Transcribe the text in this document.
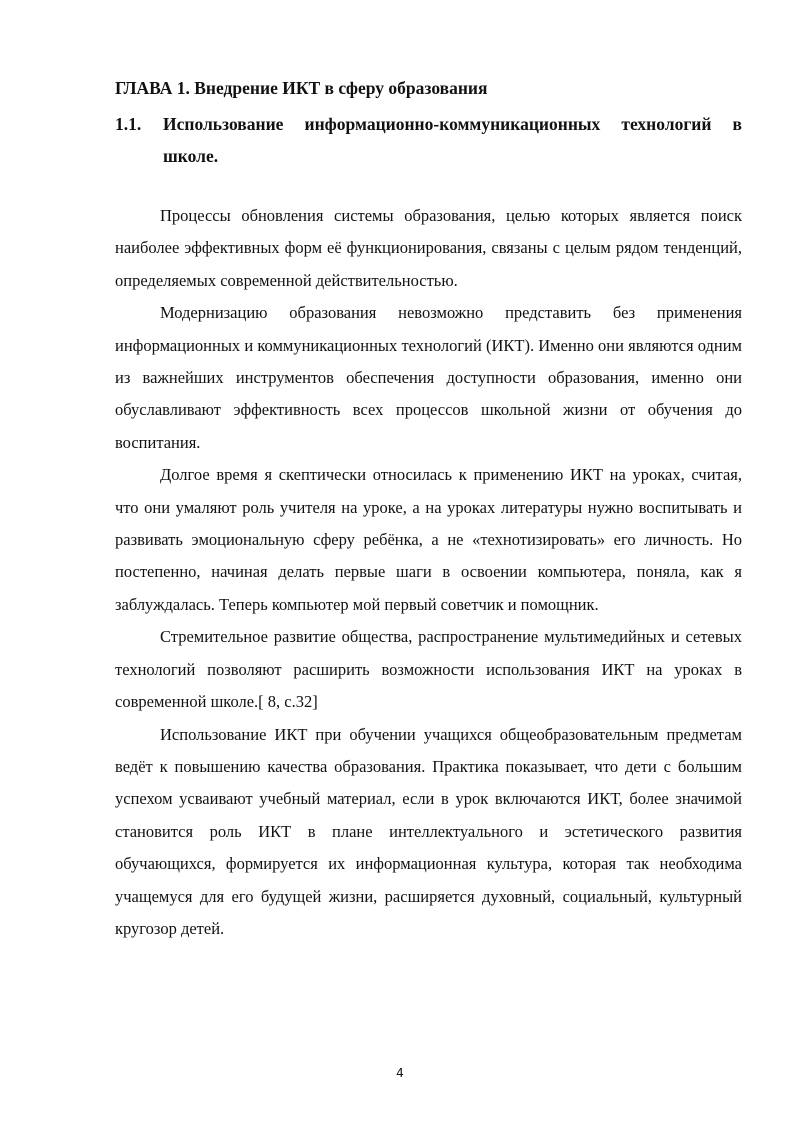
ГЛАВА 1. Внедрение ИКТ в сферу образования
1.1. Использование информационно-коммуникационных технологий в школе.

Процессы обновления системы образования, целью которых является поиск наиболее эффективных форм её функционирования, связаны с целым рядом тенденций, определяемых современной действительностью.

Модернизацию образования невозможно представить без применения информационных и коммуникационных технологий (ИКТ). Именно они являются одним из важнейших инструментов обеспечения доступности образования, именно они обуславливают эффективность всех процессов школьной жизни от обучения до воспитания.

Долгое время я скептически относилась к применению ИКТ на уроках, считая, что они умаляют роль учителя на уроке, а на уроках литературы нужно воспитывать и развивать эмоциональную сферу ребёнка, а не «технотизировать» его личность. Но постепенно, начиная делать первые шаги в освоении компьютера, поняла, как я заблуждалась. Теперь компьютер мой первый советчик и помощник.

Стремительное развитие общества, распространение мультимедийных и сетевых технологий позволяют расширить возможности использования ИКТ на уроках в современной школе.[ 8, с.32]

Использование ИКТ при обучении учащихся общеобразовательным предметам ведёт к повышению качества образования. Практика показывает, что дети с большим успехом усваивают учебный материал, если в урок включаются ИКТ, более значимой становится роль ИКТ в плане интеллектуального и эстетического развития обучающихся, формируется их информационная культура, которая так необходима учащемуся для его будущей жизни, расширяется духовный, социальный, культурный кругозор детей.

4
